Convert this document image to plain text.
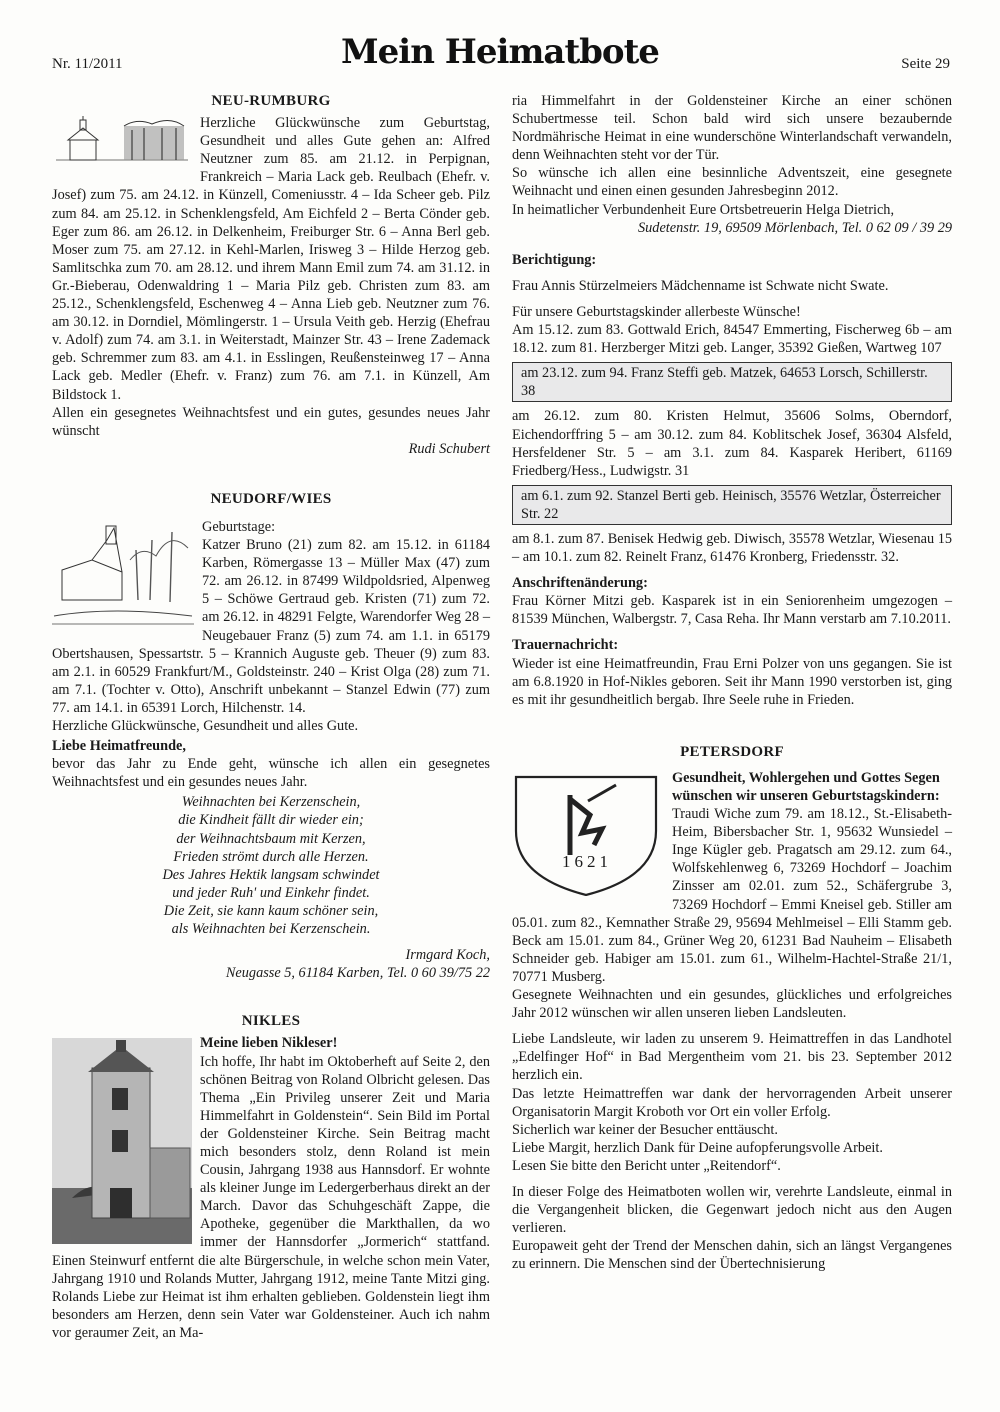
Nr. 11/2011	Mein Heimatbote	Seite 29
NEU-RUMBURG

Herzliche Glückwünsche zum Geburtstag, Gesundheit und alles Gute gehen an: Alfred Neutzner zum 85. am 21.12. in Perpignan, Frankreich – Maria Lack geb. Reulbach (Ehefr. v. Josef) zum 75. am 24.12. in Künzell, Comeniusstr. 4 – Ida Scheer geb. Pilz zum 84. am 25.12. in Schenklengsfeld, Am Eichfeld 2 – Berta Cönder geb. Eger zum 86. am 26.12. in Delkenheim, Freiburger Str. 6 – Anna Berl geb. Moser zum 75. am 27.12. in Kehl-Marlen, Irisweg 3 – Hilde Herzog geb. Samlitschka zum 70. am 28.12. und ihrem Mann Emil zum 74. am 31.12. in Gr.-Bieberau, Odenwaldring 1 – Maria Pilz geb. Christen zum 83. am 25.12., Schenklengsfeld, Eschenweg 4 – Anna Lieb geb. Neutzner zum 76. am 30.12. in Dorndiel, Mömlingerstr. 1 – Ursula Veith geb. Herzig (Ehefrau v. Adolf) zum 74. am 3.1. in Weiterstadt, Mainzer Str. 43 – Irene Zademack geb. Schremmer zum 83. am 4.1. in Esslingen, Reußensteinweg 17 – Anna Lack geb. Medler (Ehefr. v. Franz) zum 76. am 7.1. in Künzell, Am Bildstock 1.

Allen ein gesegnetes Weihnachtsfest und ein gutes, gesundes neues Jahr wünscht

Rudi Schubert
NEUDORF/WIES

Geburtstage:

Katzer Bruno (21) zum 82. am 15.12. in 61184 Karben, Römergasse 13 – Müller Max (47) zum 72. am 26.12. in 87499 Wildpoldsried, Alpenweg 5 – Schöwe Gertraud geb. Kristen (71) zum 72. am 26.12. in 48291 Felgte, Warendorfer Weg 28 – Neugebauer Franz (5) zum 74. am 1.1. in 65179 Obertshausen, Spessartstr. 5 – Krannich Auguste geb. Theuer (9) zum 83. am 2.1. in 60529 Frankfurt/M., Goldsteinstr. 240 – Krist Olga (28) zum 71. am 7.1. (Tochter v. Otto), Anschrift unbekannt – Stanzel Edwin (77) zum 77. am 14.1. in 65391 Lorch, Hilchenstr. 14.

Herzliche Glückwünsche, Gesundheit und alles Gute.

Liebe Heimatfreunde,

bevor das Jahr zu Ende geht, wünsche ich allen ein gesegnetes Weihnachtsfest und ein gesundes neues Jahr.

Weihnachten bei Kerzenschein,
die Kindheit fällt dir wieder ein;
der Weihnachtsbaum mit Kerzen,
Frieden strömt durch alle Herzen.
Des Jahres Hektik langsam schwindet
und jeder Ruh' und Einkehr findet.
Die Zeit, sie kann kaum schöner sein,
als Weihnachten bei Kerzenschein.
Irmgard Koch,
Neugasse 5, 61184 Karben, Tel. 0 60 39/75 22
NIKLES
Meine lieben Nikleser!

Ich hoffe, Ihr habt im Oktoberheft auf Seite 2, den schönen Beitrag von Roland Olbricht gelesen. Das Thema „Ein Privileg unserer Zeit und Maria Himmelfahrt in Goldenstein“. Sein Bild im Portal der Goldensteiner Kirche. Sein Beitrag macht mich besonders stolz, denn Roland ist mein Cousin, Jahrgang 1938 aus Hannsdorf. Er wohnte als kleiner Junge im Ledergerberhaus direkt an der March. Davor das Schuhgeschäft Zappe, die Apotheke, gegenüber die Markthallen, da wo immer der Hannsdorfer „Jormerich“ stattfand. Einen Steinwurf entfernt die alte Bürgerschule, in welche schon mein Vater, Jahrgang 1910 und Rolands Mutter, Jahrgang 1912, meine Tante Mitzi ging. Rolands Liebe zur Heimat ist ihm erhalten geblieben. Goldenstein liegt ihm besonders am Herzen, denn sein Vater war Goldensteiner. Auch ich nahm vor geraumer Zeit, an Ma-

ria Himmelfahrt in der Goldensteiner Kirche an einer schönen Schubertmesse teil. Schon bald wird sich unsere bezaubernde Nordmährische Heimat in eine wunderschöne Winterlandschaft verwandeln, denn Weihnachten steht vor der Tür.

So wünsche ich allen eine besinnliche Adventszeit, eine gesegnete Weihnacht und einen einen gesunden Jahresbeginn 2012.

In heimatlicher Verbundenheit Eure Ortsbetreuerin Helga Dietrich,

Sudetenstr. 19, 69509 Mörlenbach, Tel. 0 62 09 / 39 29
Berichtigung:

Frau Annis Stürzelmeiers Mädchenname ist Schwate nicht Swate.

Für unsere Geburtstagskinder allerbeste Wünsche!

Am 15.12. zum 83. Gottwald Erich, 84547 Emmerting, Fischerweg 6b – am 18.12. zum 81. Herzberger Mitzi geb. Langer, 35392 Gießen, Wartweg 107

am 23.12. zum 94. Franz Steffi geb. Matzek, 64653 Lorsch, Schillerstr. 38

am 26.12. zum 80. Kristen Helmut, 35606 Solms, Oberndorf, Eichendorffring 5 – am 30.12. zum 84. Koblitschek Josef, 36304 Alsfeld, Hersfeldener Str. 5 – am 3.1. zum 84. Kasparek Heribert, 61169 Friedberg/Hess., Ludwigstr. 31

am 6.1. zum 92. Stanzel Berti geb. Heinisch, 35576 Wetzlar, Österreicher Str. 22

am 8.1. zum 87. Benisek Hedwig geb. Diwisch, 35578 Wetzlar, Wiesenau 15 – am 10.1. zum 82. Reinelt Franz, 61476 Kronberg, Friedensstr. 32.

Anschriftenänderung:

Frau Körner Mitzi geb. Kasparek ist in ein Seniorenheim umgezogen – 81539 München, Walbergstr. 7, Casa Reha. Ihr Mann verstarb am 7.10.2011.

Trauernachricht:

Wieder ist eine Heimatfreundin, Frau Erni Polzer von uns gegangen. Sie ist am 6.8.1920 in Hof-Nikles geboren. Seit ihr Mann 1990 verstorben ist, ging es mit ihr gesundheitlich bergab. Ihre Seele ruhe in Frieden.

PETERSDORF
1621

Gesundheit, Wohlergehen und Gottes Segen wünschen wir unseren Geburtstagskindern:

Traudi Wiche zum 79. am 18.12., St.-Elisabeth-Heim, Bibersbacher Str. 1, 95632 Wunsiedel – Inge Kügler geb. Pragatsch am 29.12. zum 64., Wolfskehlenweg 6, 73269 Hochdorf – Joachim Zinsser am 02.01. zum 52., Schäfergrube 3, 73269 Hochdorf – Emmi Kneisel geb. Stiller am 05.01. zum 82., Kemnather Straße 29, 95694 Mehlmeisel – Elli Stamm geb. Beck am 15.01. zum 84., Grüner Weg 20, 61231 Bad Nauheim – Elisabeth Schneider geb. Habiger am 15.01. zum 61., Wilhelm-Hachtel-Straße 21/1, 70771 Musberg.

Gesegnete Weihnachten und ein gesundes, glückliches und erfolgreiches Jahr 2012 wünschen wir allen unseren lieben Landsleuten.

Liebe Landsleute, wir laden zu unserem 9. Heimattreffen in das Landhotel „Edelfinger Hof“ in Bad Mergentheim vom 21. bis 23. September 2012 herzlich ein.

Das letzte Heimattreffen war dank der hervorragenden Arbeit unserer Organisatorin Margit Kroboth vor Ort ein voller Erfolg.

Sicherlich war keiner der Besucher enttäuscht.

Liebe Margit, herzlich Dank für Deine aufopferungsvolle Arbeit.

Lesen Sie bitte den Bericht unter „Reitendorf“.

In dieser Folge des Heimatboten wollen wir, verehrte Landsleute, einmal in die Vergangenheit blicken, die Gegenwart jedoch nicht aus den Augen verlieren.

Europaweit geht der Trend der Menschen dahin, sich an längst Vergangenes zu erinnern. Die Menschen sind der Übertechnisierung
